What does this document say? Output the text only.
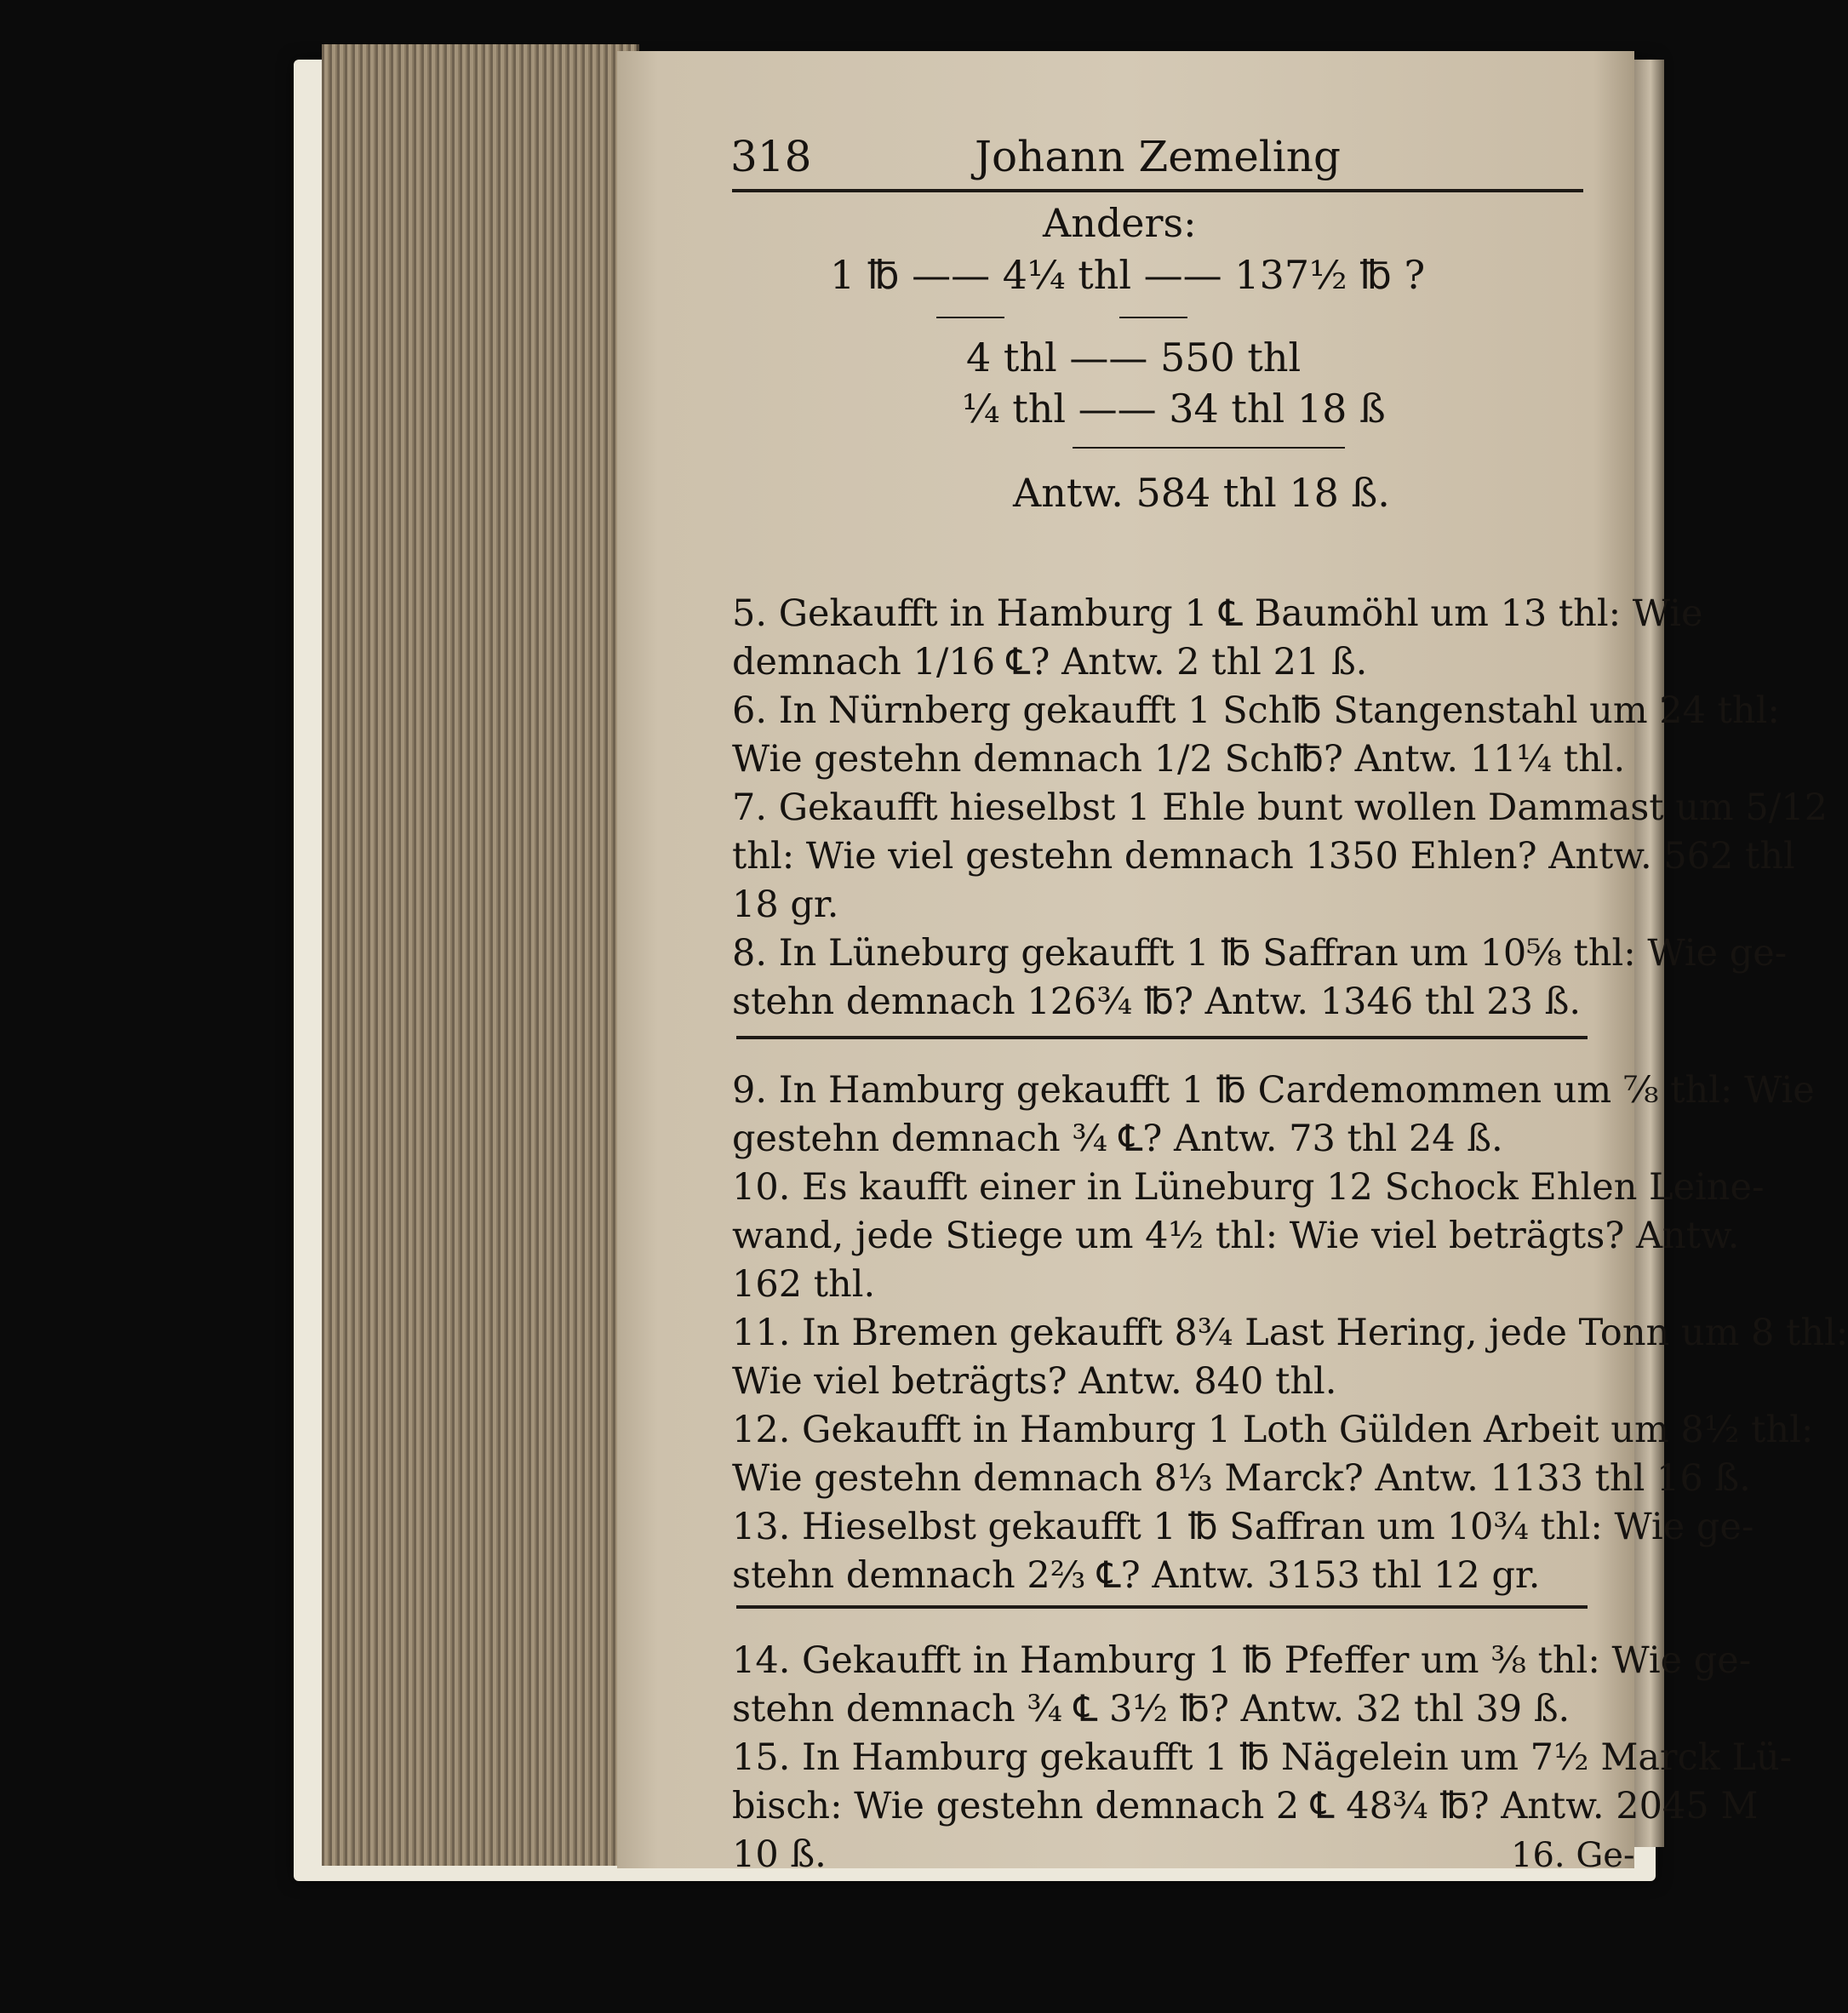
318	Johann Zemeling
Anders:
1 ℔ —— 4¼ thl —— 137½ ℔ ?
4 thl —— 550 thl
¼ thl —— 34 thl 18 ß
Antw. 584 thl 18 ß.
5. Gekaufft in Hamburg 1 ℄ Baumöhl um 13 thl: Wie
demnach 1/16 ℄? Antw. 2 thl 21 ß.
6. In Nürnberg gekaufft 1 Sch℔ Stangenstahl um 24 thl:
Wie gestehn demnach 1/2 Sch℔? Antw. 11¼ thl.
7. Gekaufft hieselbst 1 Ehle bunt wollen Dammast um 5/12
thl: Wie viel gestehn demnach 1350 Ehlen? Antw. 562 thl
18 gr.
8. In Lüneburg gekaufft 1 ℔ Saffran um 10⅝ thl: Wie ge-
stehn demnach 126¾ ℔? Antw. 1346 thl 23 ß.
9. In Hamburg gekaufft 1 ℔ Cardemommen um ⅞ thl: Wie
gestehn demnach ¾ ℄? Antw. 73 thl 24 ß.
10. Es kaufft einer in Lüneburg 12 Schock Ehlen Leine-
wand, jede Stiege um 4½ thl: Wie viel beträgts? Antw.
162 thl.
11. In Bremen gekaufft 8¾ Last Hering, jede Tonn um 8 thl:
Wie viel beträgts? Antw. 840 thl.
12. Gekaufft in Hamburg 1 Loth Gülden Arbeit um 8½ thl:
Wie gestehn demnach 8⅓ Marck? Antw. 1133 thl 16 ß.
13. Hieselbst gekaufft 1 ℔ Saffran um 10¾ thl: Wie ge-
stehn demnach 2⅔ ℄? Antw. 3153 thl 12 gr.
14. Gekaufft in Hamburg 1 ℔ Pfeffer um ⅜ thl: Wie ge-
stehn demnach ¾ ℄ 3½ ℔? Antw. 32 thl 39 ß.
15. In Hamburg gekaufft 1 ℔ Nägelein um 7½ Marck Lü-
bisch: Wie gestehn demnach 2 ℄ 48¾ ℔? Antw. 2045 M
10 ß.	16. Ge-
